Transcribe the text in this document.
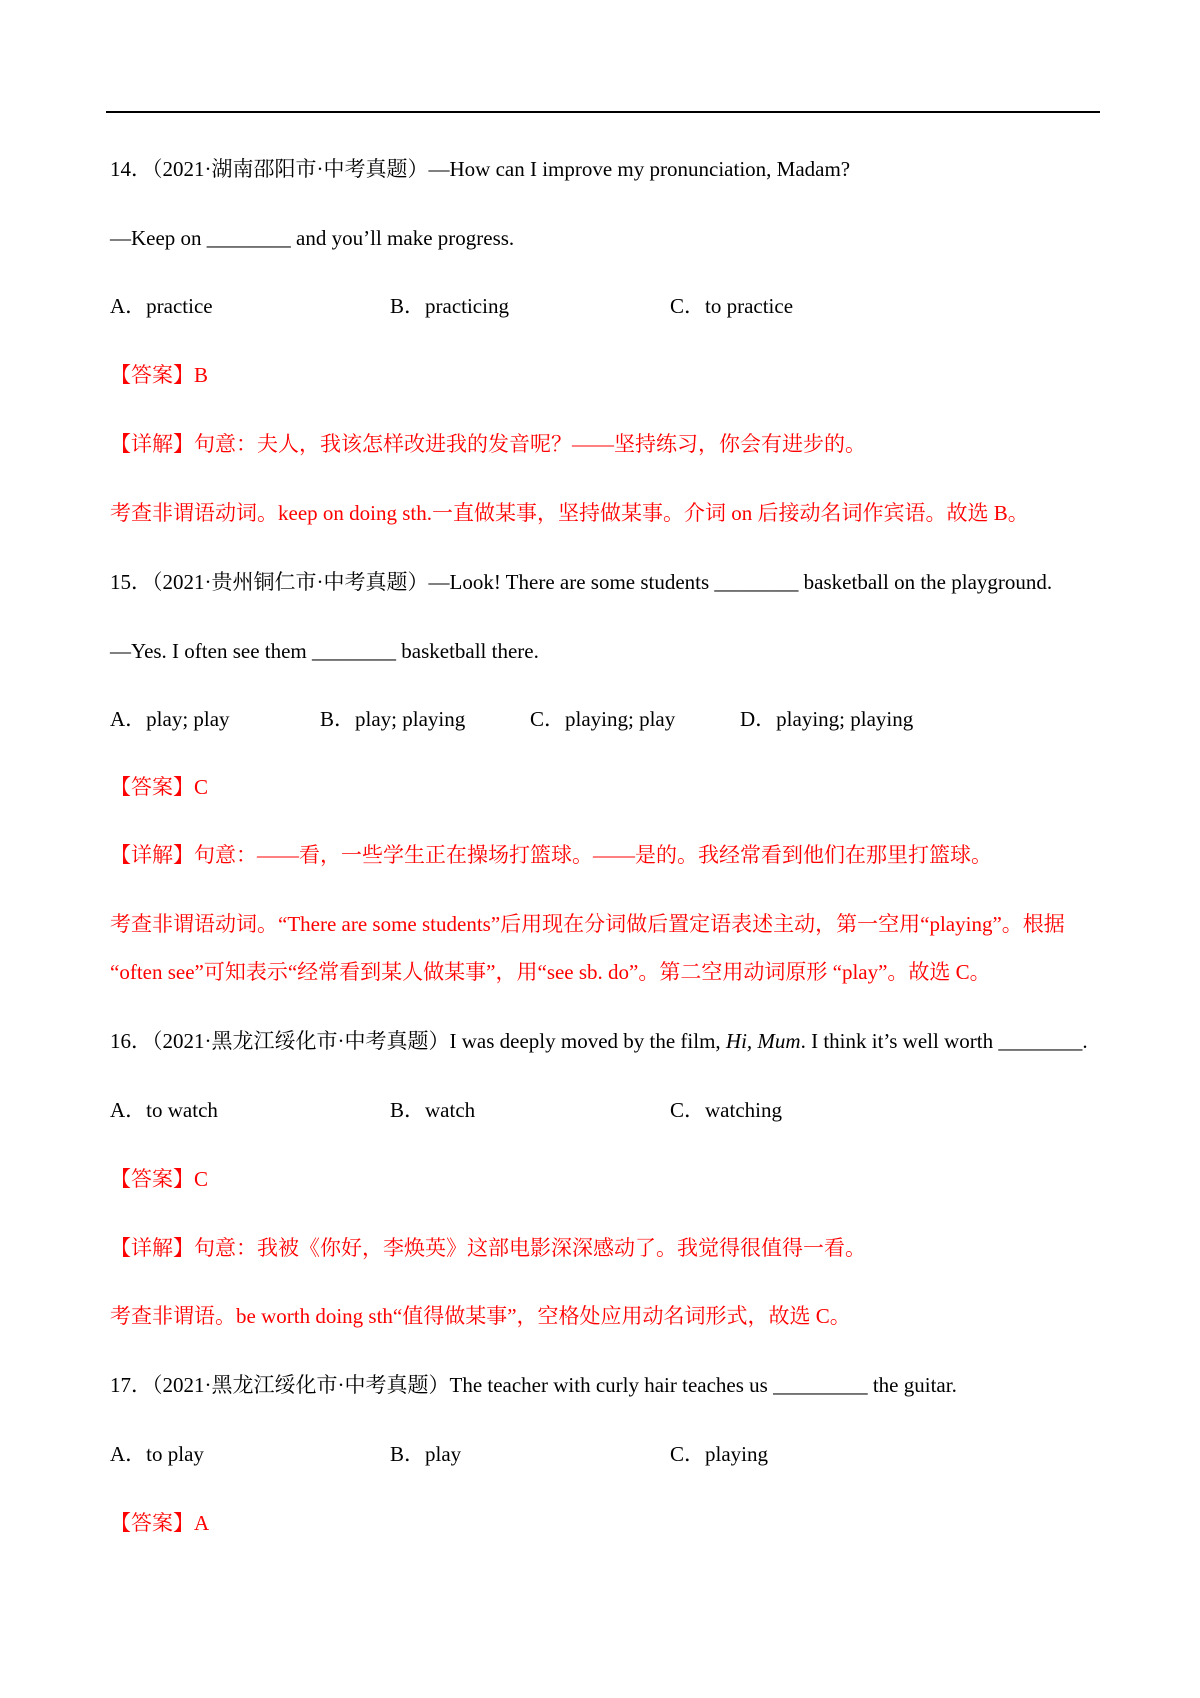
14．（2021·湖南邵阳市·中考真题）—How can I improve my pronunciation, Madam?
—Keep on ________ and you’ll make progress.
A．practice	B．practicing	C．to practice
【答案】B
【详解】句意：夫人，我该怎样改进我的发音呢？——坚持练习，你会有进步的。
考查非谓语动词。keep on doing sth.一直做某事，坚持做某事。介词 on 后接动名词作宾语。故选 B。
15．（2021·贵州铜仁市·中考真题）—Look! There are some students ________ basketball on the playground.
—Yes. I often see them ________ basketball there.
A．play; play	B．play; playing	C．playing; play	D．playing; playing
【答案】C
【详解】句意：——看，一些学生正在操场打篮球。——是的。我经常看到他们在那里打篮球。
考查非谓语动词。“There are some students”后用现在分词做后置定语表述主动，第一空用“playing”。根据
“often see”可知表示“经常看到某人做某事”，用“see sb. do”。第二空用动词原形 “play”。故选 C。
16．（2021·黑龙江绥化市·中考真题）I was deeply moved by the film, Hi, Mum. I think it’s well worth ________.
A．to watch	B．watch	C．watching
【答案】C
【详解】句意：我被《你好，李焕英》这部电影深深感动了。我觉得很值得一看。
考查非谓语。be worth doing sth“值得做某事”，空格处应用动名词形式，故选 C。
17．（2021·黑龙江绥化市·中考真题）The teacher with curly hair teaches us _________ the guitar.
A．to play	B．play	C．playing
【答案】A
